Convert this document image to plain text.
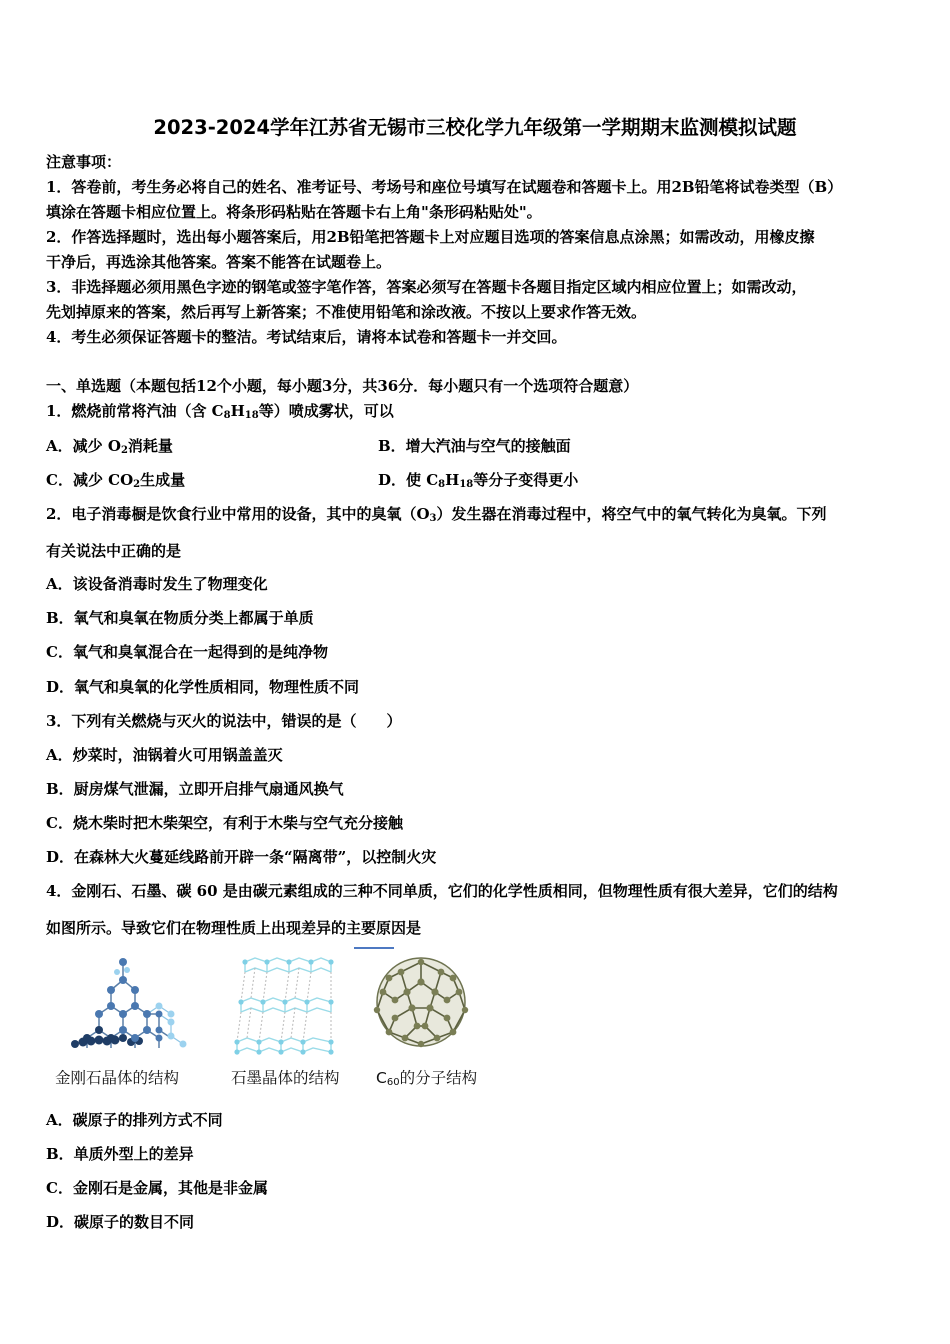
2023-2024学年江苏省无锡市三校化学九年级第一学期期末监测模拟试题
注意事项：
1．答卷前，考生务必将自己的姓名、准考证号、考场号和座位号填写在试题卷和答题卡上。用2B铅笔将试卷类型（B）
填涂在答题卡相应位置上。将条形码粘贴在答题卡右上角"条形码粘贴处"。
2．作答选择题时，选出每小题答案后，用2B铅笔把答题卡上对应题目选项的答案信息点涂黑；如需改动，用橡皮擦
干净后，再选涂其他答案。答案不能答在试题卷上。
3．非选择题必须用黑色字迹的钢笔或签字笔作答，答案必须写在答题卡各题目指定区域内相应位置上；如需改动，
先划掉原来的答案，然后再写上新答案；不准使用铅笔和涂改液。不按以上要求作答无效。
4．考生必须保证答题卡的整洁。考试结束后，请将本试卷和答题卡一并交回。
一、单选题（本题包括12个小题，每小题3分，共36分．每小题只有一个选项符合题意）
1．燃烧前常将汽油（含 $C_8H_{18}$等）喷成雾状，可以
A．减少 $O_2$消耗量	B．增大汽油与空气的接触面
C．减少 $CO_2$生成量	D．使 $C_8H_{18}$等分子变得更小
2．电子消毒橱是饮食行业中常用的设备，其中的臭氧$(O_3)$发生器在消毒过程中，将空气中的氧气转化为臭氧。下列
有关说法中正确的是
A．该设备消毒时发生了物理变化
B．氧气和臭氧在物质分类上都属于单质
C．氧气和臭氧混合在一起得到的是纯净物
D．氧气和臭氧的化学性质相同，物理性质不同
3．下列有关燃烧与灭火的说法中，错误的是（　　）
A．炒菜时，油锅着火可用锅盖盖灭
B．厨房煤气泄漏，立即开启排气扇通风换气
C．烧木柴时把木柴架空，有利于木柴与空气充分接触
D．在森林大火蔓延线路前开辟一条“隔离带”，以控制火灾
4．金刚石、石墨、碳 60 是由碳元素组成的三种不同单质，它们的化学性质相同，但物理性质有很大差异，它们的结构
如图所示。导致它们在物理性质上出现差异的主要原因是
金刚石晶体的结构	石墨晶体的结构 $C_{60}$的分子结构
A．碳原子的排列方式不同
B．单质外型上的差异
C．金刚石是金属，其他是非金属
D．碳原子的数目不同
